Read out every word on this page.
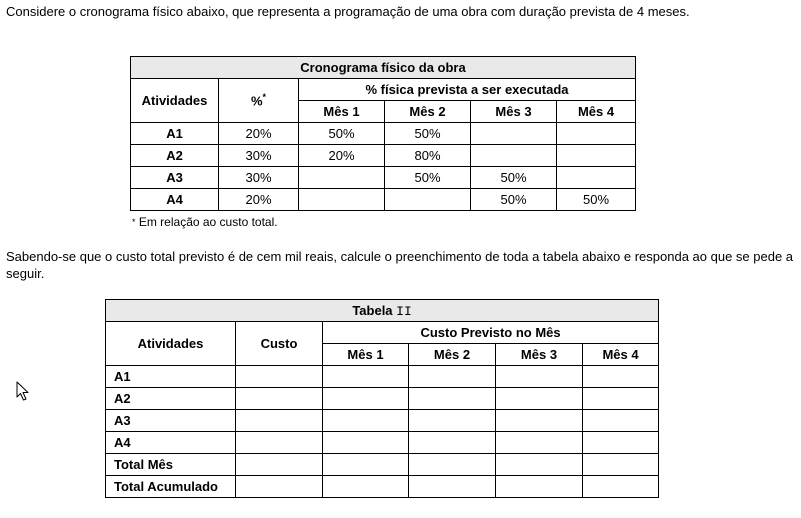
Considere o cronograma físico abaixo, que representa a programação de uma obra com duração prevista de 4 meses.

Cronograma físico da obra					
Atividades	%*	% física prevista a ser executada			
		Mês 1	Mês 2	Mês 3	Mês 4
A1	20%	50%	50%		
A2	30%	20%	80%		
A3	30%		50%	50%	
A4	20%			50%	50%

* Em relação ao custo total.

Sabendo-se que o custo total previsto é de cem mil reais, calcule o preenchimento de toda a tabela abaixo e responda ao que se pede a seguir.

Tabela II					
Atividades	Custo	Custo Previsto no Mês			
		Mês 1	Mês 2	Mês 3	Mês 4
A1					
A2					
A3					
A4					
Total Mês					
Total Acumulado					
